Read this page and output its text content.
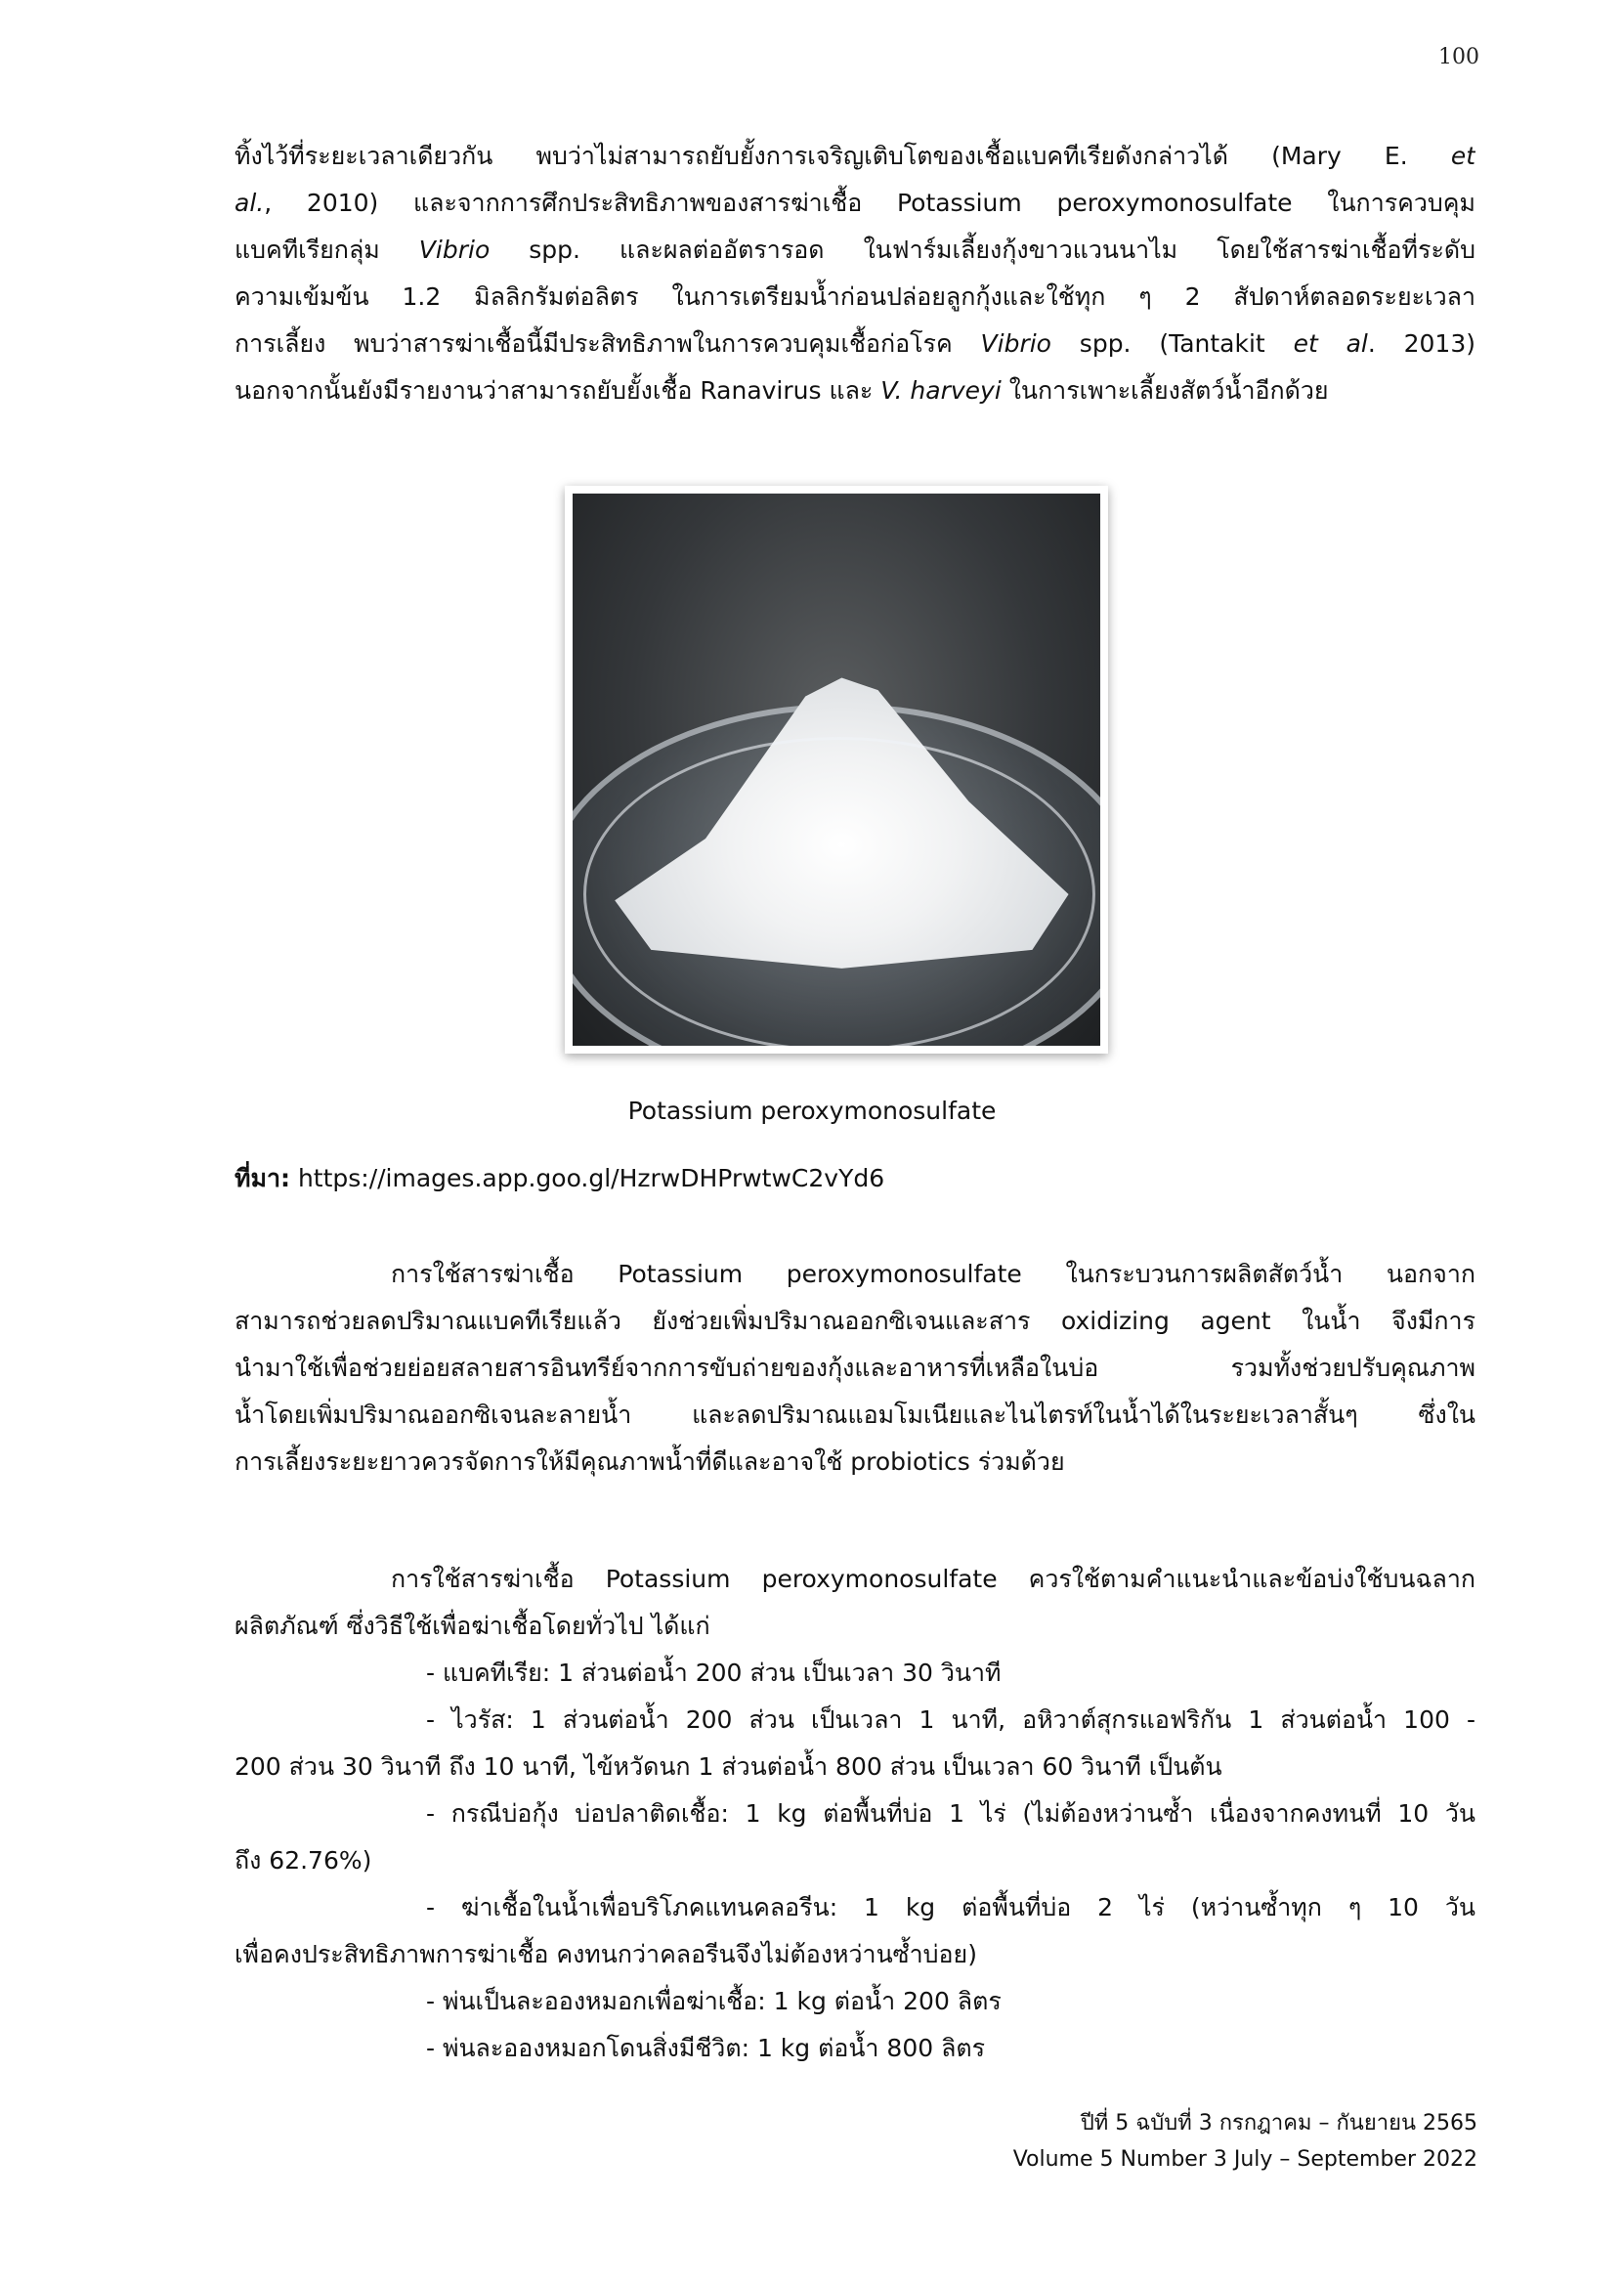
100
ทิ้งไว้ที่ระยะเวลาเดียวกัน พบว่าไม่สามารถยับยั้งการเจริญเติบโตของเชื้อแบคทีเรียดังกล่าวได้ (Mary E. et
al., 2010) และจากการศึกประสิทธิภาพของสารฆ่าเชื้อ Potassium peroxymonosulfate ในการควบคุม
แบคทีเรียกลุ่ม Vibrio spp. และผลต่ออัตรารอด ในฟาร์มเลี้ยงกุ้งขาวแวนนาไม โดยใช้สารฆ่าเชื้อที่ระดับ
ความเข้มข้น 1.2 มิลลิกรัมต่อลิตร ในการเตรียมน้ำก่อนปล่อยลูกกุ้งและใช้ทุก ๆ 2 สัปดาห์ตลอดระยะเวลา
การเลี้ยง พบว่าสารฆ่าเชื้อนี้มีประสิทธิภาพในการควบคุมเชื้อก่อโรค Vibrio spp. (Tantakit et al. 2013)
นอกจากนั้นยังมีรายงานว่าสามารถยับยั้งเชื้อ Ranavirus และ V. harveyi ในการเพาะเลี้ยงสัตว์น้ำอีกด้วย
Potassium peroxymonosulfate
ที่มา: https://images.app.goo.gl/HzrwDHPrwtwC2vYd6
การใช้สารฆ่าเชื้อ Potassium peroxymonosulfate ในกระบวนการผลิตสัตว์น้ำ นอกจาก
สามารถช่วยลดปริมาณแบคทีเรียแล้ว ยังช่วยเพิ่มปริมาณออกซิเจนและสาร oxidizing agent ในน้ำ จึงมีการ
นำมาใช้เพื่อช่วยย่อยสลายสารอินทรีย์จากการขับถ่ายของกุ้งและอาหารที่เหลือในบ่อ รวมทั้งช่วยปรับคุณภาพ
น้ำโดยเพิ่มปริมาณออกซิเจนละลายน้ำ และลดปริมาณแอมโมเนียและไนไตรท์ในน้ำได้ในระยะเวลาสั้นๆ ซึ่งใน
การเลี้ยงระยะยาวควรจัดการให้มีคุณภาพน้ำที่ดีและอาจใช้ probiotics ร่วมด้วย
การใช้สารฆ่าเชื้อ Potassium peroxymonosulfate ควรใช้ตามคำแนะนำและข้อบ่งใช้บนฉลาก
ผลิตภัณฑ์ ซึ่งวิธีใช้เพื่อฆ่าเชื้อโดยทั่วไป ได้แก่
- แบคทีเรีย: 1 ส่วนต่อน้ำ 200 ส่วน เป็นเวลา 30 วินาที
- ไวรัส: 1 ส่วนต่อน้ำ 200 ส่วน เป็นเวลา 1 นาที, อหิวาต์สุกรแอฟริกัน 1 ส่วนต่อน้ำ 100 -
200 ส่วน 30 วินาที ถึง 10 นาที, ไข้หวัดนก 1 ส่วนต่อน้ำ 800 ส่วน เป็นเวลา 60 วินาที เป็นต้น
- กรณีบ่อกุ้ง บ่อปลาติดเชื้อ: 1 kg ต่อพื้นที่บ่อ 1 ไร่ (ไม่ต้องหว่านซ้ำ เนื่องจากคงทนที่ 10 วัน
ถึง 62.76%)
- ฆ่าเชื้อในน้ำเพื่อบริโภคแทนคลอรีน: 1 kg ต่อพื้นที่บ่อ 2 ไร่ (หว่านซ้ำทุก ๆ 10 วัน
เพื่อคงประสิทธิภาพการฆ่าเชื้อ คงทนกว่าคลอรีนจึงไม่ต้องหว่านซ้ำบ่อย)
- พ่นเป็นละอองหมอกเพื่อฆ่าเชื้อ: 1 kg ต่อน้ำ 200 ลิตร
- พ่นละอองหมอกโดนสิ่งมีชีวิต: 1 kg ต่อน้ำ 800 ลิตร
ปีที่ 5 ฉบับที่ 3 กรกฎาคม – กันยายน 2565
Volume 5 Number 3 July – September 2022
